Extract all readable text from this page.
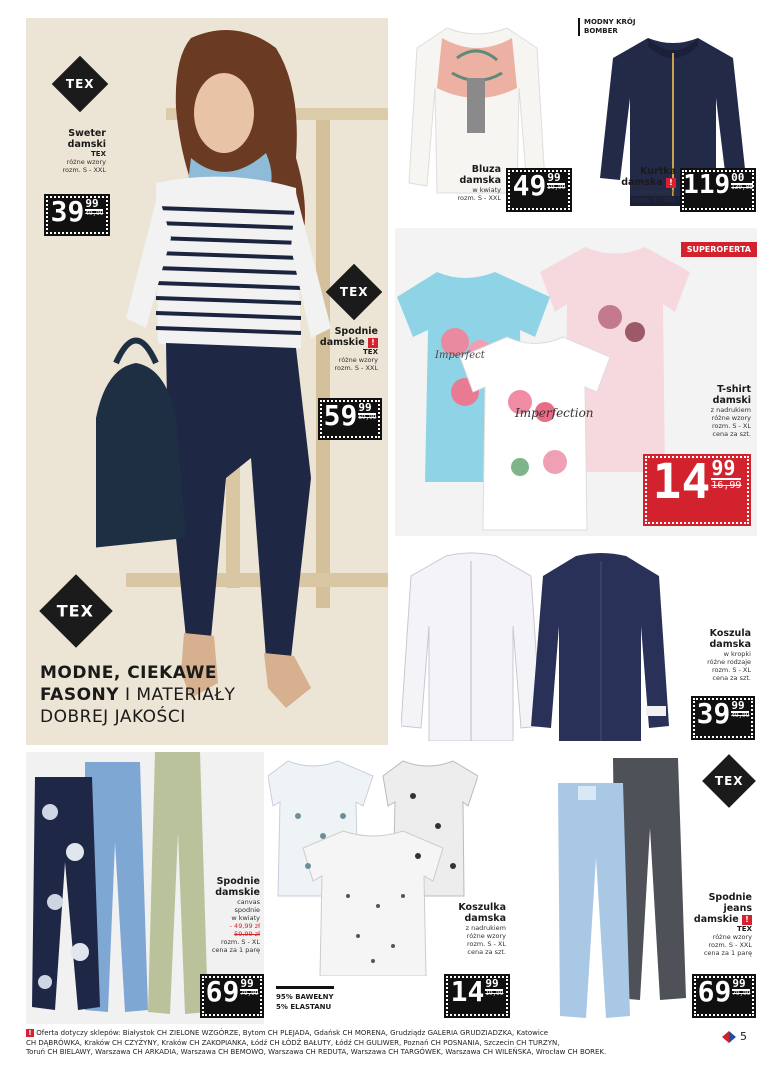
TEX
TEX
TEX
Sweter
damski
TEX
różne wzory
rozm. S - XXL
39 99
49,99
Spodnie
damskie !
TEX
różne wzory
rozm. S - XXL
59 99
69,99
MODNE, CIEKAWE
FASONY I MATERIAŁY
DOBREJ JAKOŚCI
Bluza
damska
w kwiaty
rozm. S - XXL 49 99
59,99
MODNY KRÓJ
BOMBER
Kurtka
damska !
różne wzory
rozm. S - XXL 119 00
139,00
SUPEROFERTA
Imperfection
Imperfect
T-shirt
damski
z nadrukiem
różne wzory
rozm. S - XL
cena za szt.
14 99
16,99
Koszula
damska
w kropki
różne rodzaje
rozm. S - XL
cena za szt.
39 99
49,99
Spodnie
damskie
canvas
spodnie
w kwiaty
- 49,99 zł
59,99 zł
rozm. S - XL
cena za 1 parę
69 99
79,99
Koszulka
damska
z nadrukiem
różne wzory
rozm. S - XL
cena za szt.
95% BAWEŁNY
5% ELASTANU	14 99
19,99
TEX
Spodnie
jeans
damskie !
TEX
różne wzory
rozm. S - XXL
cena za 1 parę
69 99
79,99
! Oferta dotyczy sklepów: Białystok CH ZIELONE WZGÓRZE, Bytom CH PLEJADA, Gdańsk CH MORENA, Grudziądz GALERIA GRUDZIADZKA, Katowice
CH DĄBRÓWKA, Kraków CH CZYŻYNY, Kraków CH ZAKOPIANKA, Łódź CH ŁÓDŹ BAŁUTY, Łódź CH GULIWER, Poznań CH POSNANIA, Szczecin CH TURZYN,
Toruń CH BIELAWY, Warszawa CH ARKADIA, Warszawa CH BEMOWO, Warszawa CH REDUTA, Warszawa CH TARGÓWEK, Warszawa CH WILEŃSKA, Wrocław CH BOREK.
5
